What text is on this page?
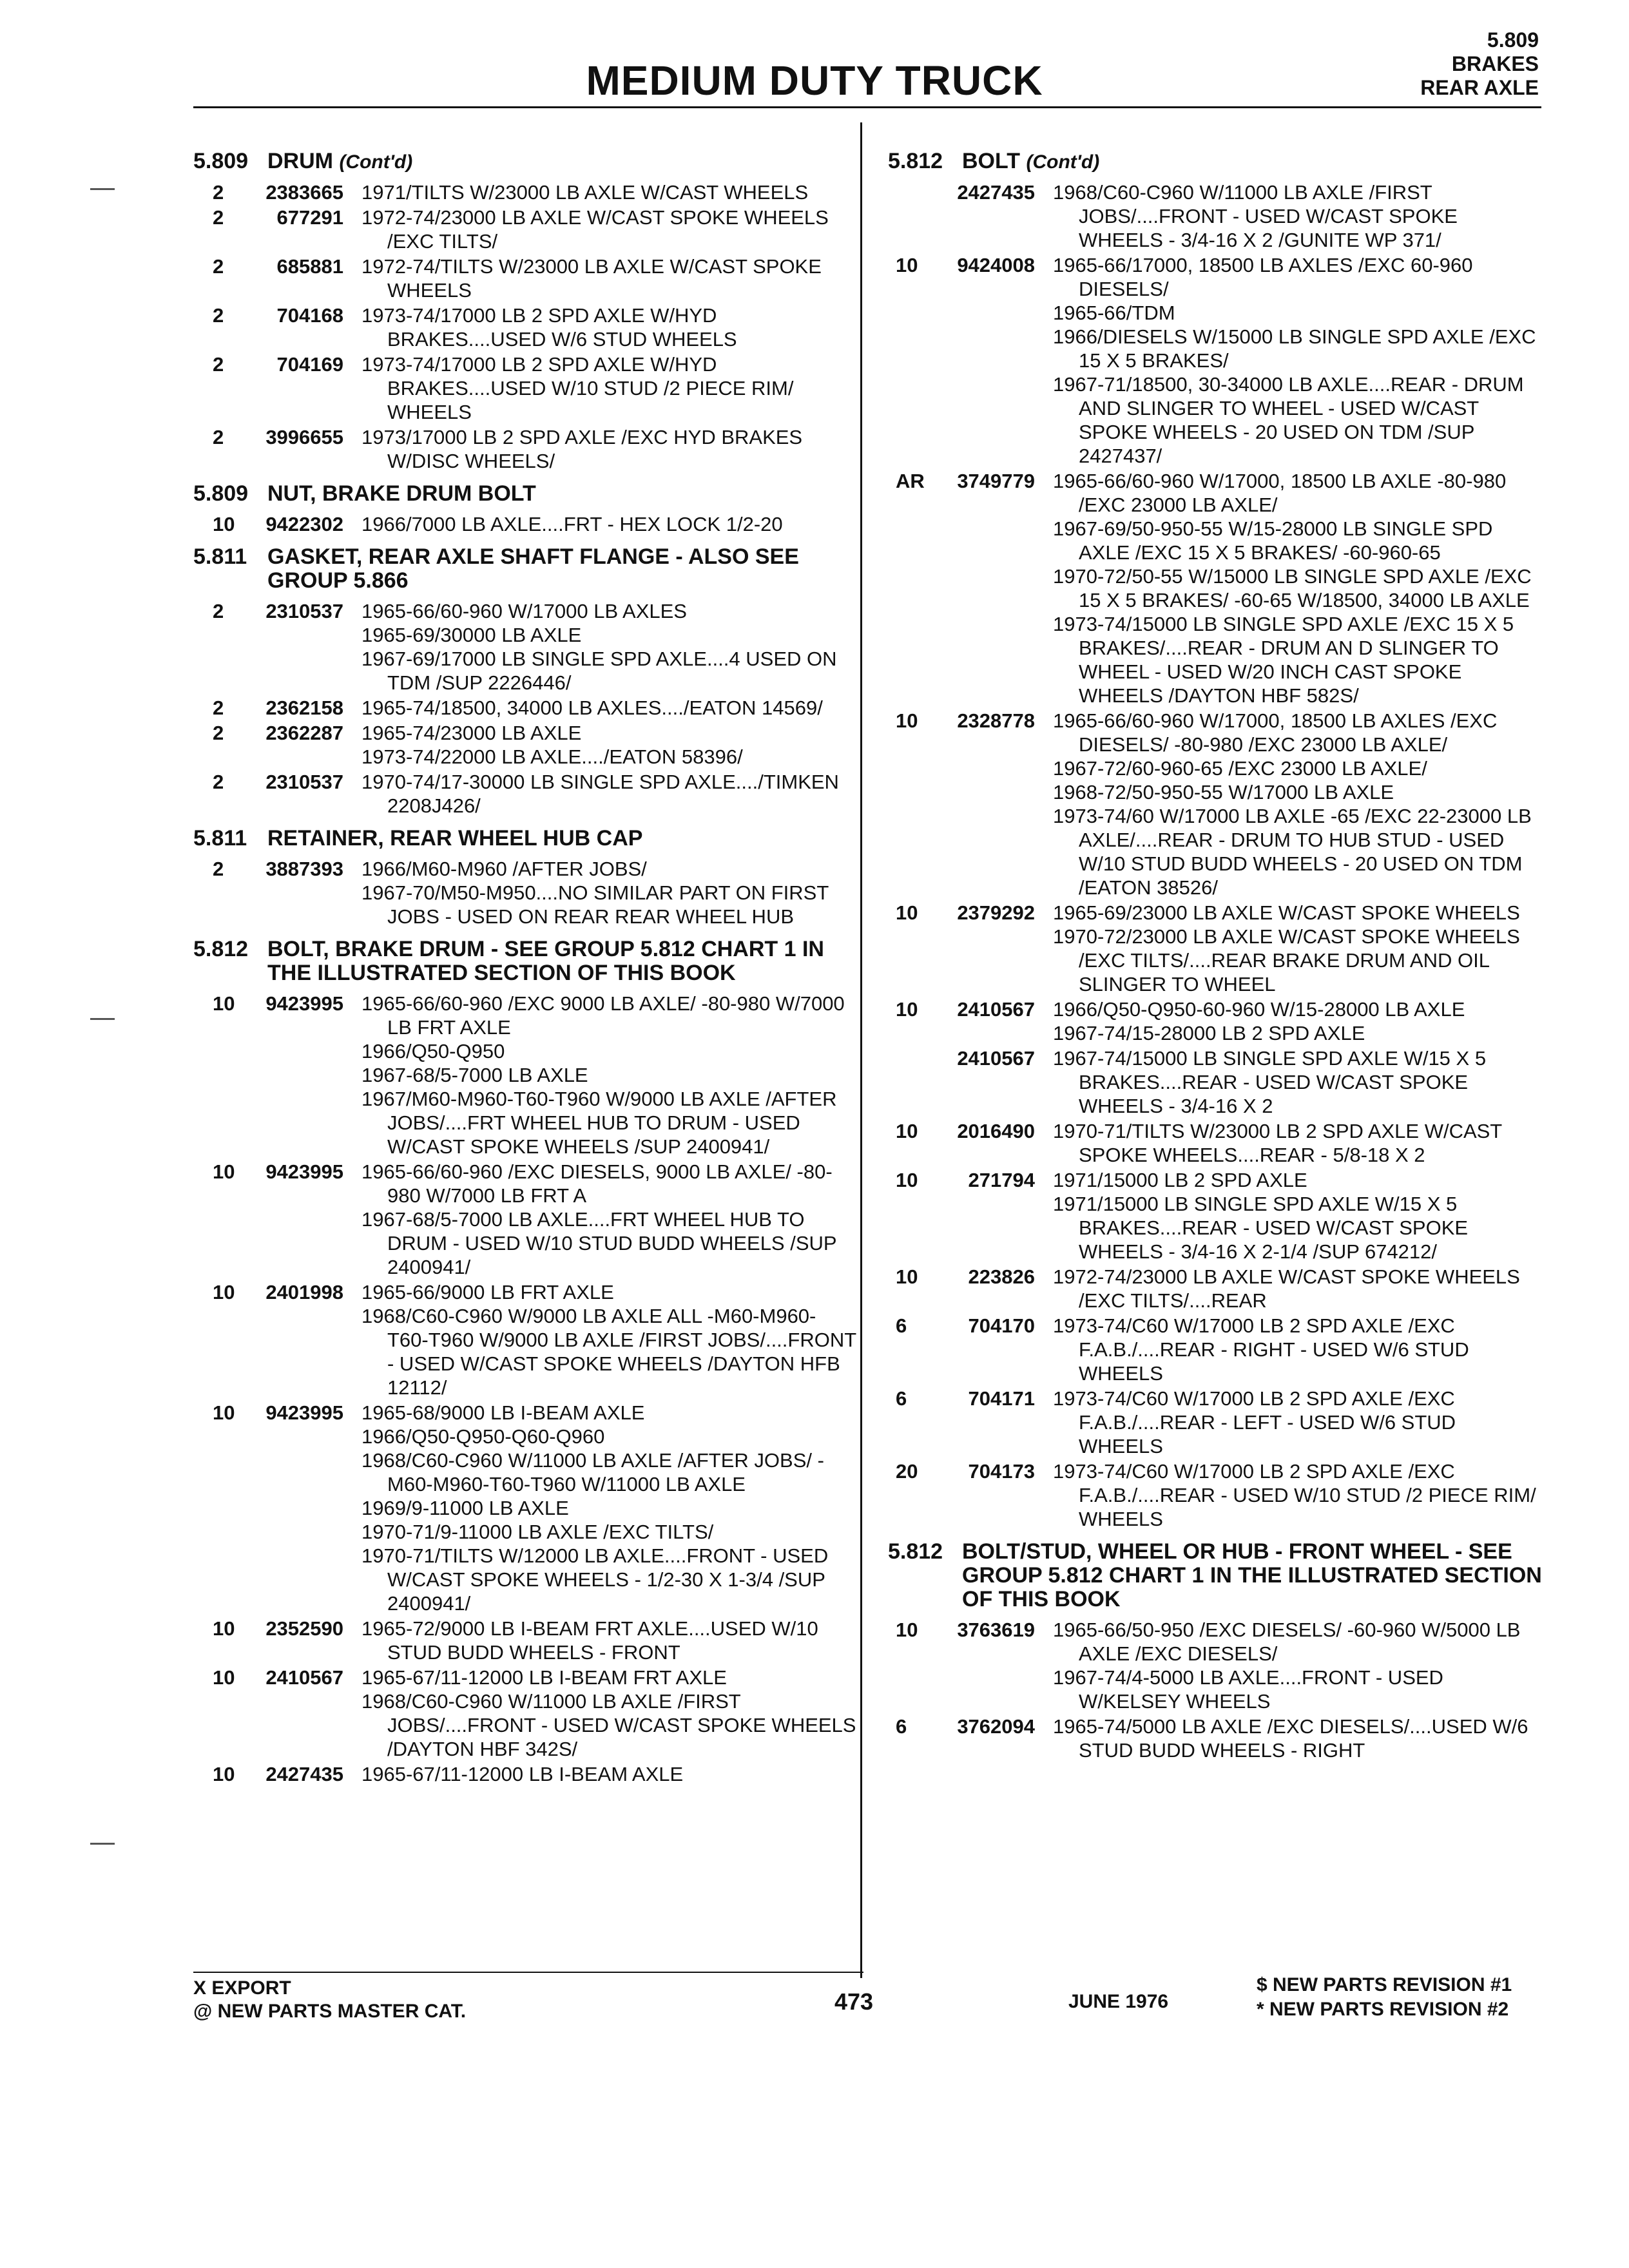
MEDIUM DUTY TRUCK
5.809
BRAKES
REAR AXLE
5.809 DRUM (Cont'd)
2	2383665 1971/TILTS W/23000 LB AXLE W/CAST WHEELS
2	677291 1972-74/23000 LB AXLE W/CAST SPOKE WHEELS /EXC TILTS/
2	685881 1972-74/TILTS W/23000 LB AXLE W/CAST SPOKE WHEELS
2	704168 1973-74/17000 LB 2 SPD AXLE W/HYD BRAKES....USED W/6 STUD WHEELS
2	704169 1973-74/17000 LB 2 SPD AXLE W/HYD BRAKES....USED W/10 STUD /2 PIECE RIM/ WHEELS
2	3996655 1973/17000 LB 2 SPD AXLE /EXC HYD BRAKES W/DISC WHEELS/
5.809 NUT, BRAKE DRUM BOLT
10	9422302 1966/7000 LB AXLE....FRT - HEX LOCK 1/2-20
5.811 GASKET, REAR AXLE SHAFT FLANGE - ALSO SEE GROUP 5.866
2	2310537 1965-66/60-960 W/17000 LB AXLES
1965-69/30000 LB AXLE
1967-69/17000 LB SINGLE SPD AXLE....4 USED ON TDM /SUP 2226446/
2	2362158 1965-74/18500, 34000 LB AXLES..../EATON 14569/
2	2362287 1965-74/23000 LB AXLE
1973-74/22000 LB AXLE..../EATON 58396/
2	2310537 1970-74/17-30000 LB SINGLE SPD AXLE..../TIMKEN 2208J426/
5.811 RETAINER, REAR WHEEL HUB CAP
2	3887393 1966/M60-M960 /AFTER JOBS/
1967-70/M50-M950....NO SIMILAR PART ON FIRST JOBS - USED ON REAR REAR WHEEL HUB
5.812 BOLT, BRAKE DRUM - SEE GROUP 5.812 CHART 1 IN THE ILLUSTRATED SECTION OF THIS BOOK
10	9423995 1965-66/60-960 /EXC 9000 LB AXLE/ -80-980 W/7000 LB FRT AXLE
1966/Q50-Q950
1967-68/5-7000 LB AXLE
1967/M60-M960-T60-T960 W/9000 LB AXLE /AFTER JOBS/....FRT WHEEL HUB TO DRUM - USED W/CAST SPOKE WHEELS /SUP 2400941/
10	9423995 1965-66/60-960 /EXC DIESELS, 9000 LB AXLE/ -80-980 W/7000 LB FRT A
1967-68/5-7000 LB AXLE....FRT WHEEL HUB TO DRUM - USED W/10 STUD BUDD WHEELS /SUP 2400941/
10	2401998 1965-66/9000 LB FRT AXLE
1968/C60-C960 W/9000 LB AXLE ALL -M60-M960-T60-T960 W/9000 LB AXLE /FIRST JOBS/....FRONT - USED W/CAST SPOKE WHEELS /DAYTON HFB 12112/
10	9423995 1965-68/9000 LB I-BEAM AXLE
1966/Q50-Q950-Q60-Q960
1968/C60-C960 W/11000 LB AXLE /AFTER JOBS/ -M60-M960-T60-T960 W/11000 LB AXLE
1969/9-11000 LB AXLE
1970-71/9-11000 LB AXLE /EXC TILTS/
1970-71/TILTS W/12000 LB AXLE....FRONT - USED W/CAST SPOKE WHEELS - 1/2-30 X 1-3/4 /SUP 2400941/
10	2352590 1965-72/9000 LB I-BEAM FRT AXLE....USED W/10 STUD BUDD WHEELS - FRONT
10	2410567 1965-67/11-12000 LB I-BEAM FRT AXLE
1968/C60-C960 W/11000 LB AXLE /FIRST JOBS/....FRONT - USED W/CAST SPOKE WHEELS /DAYTON HBF 342S/
10	2427435 1965-67/11-12000 LB I-BEAM AXLE
5.812 BOLT (Cont'd)
2427435 1968/C60-C960 W/11000 LB AXLE /FIRST JOBS/....FRONT - USED W/CAST SPOKE WHEELS - 3/4-16 X 2 /GUNITE WP 371/
10	9424008 1965-66/17000, 18500 LB AXLES /EXC 60-960 DIESELS/
1965-66/TDM
1966/DIESELS W/15000 LB SINGLE SPD AXLE /EXC 15 X 5 BRAKES/
1967-71/18500, 30-34000 LB AXLE....REAR - DRUM AND SLINGER TO WHEEL - USED W/CAST SPOKE WHEELS - 20 USED ON TDM /SUP 2427437/
AR	3749779 1965-66/60-960 W/17000, 18500 LB AXLE -80-980 /EXC 23000 LB AXLE/
1967-69/50-950-55 W/15-28000 LB SINGLE SPD AXLE /EXC 15 X 5 BRAKES/ -60-960-65
1970-72/50-55 W/15000 LB SINGLE SPD AXLE /EXC 15 X 5 BRAKES/ -60-65 W/18500, 34000 LB AXLE
1973-74/15000 LB SINGLE SPD AXLE /EXC 15 X 5 BRAKES/....REAR - DRUM AN D SLINGER TO WHEEL - USED W/20 INCH CAST SPOKE WHEELS /DAYTON HBF 582S/
10	2328778 1965-66/60-960 W/17000, 18500 LB AXLES /EXC DIESELS/ -80-980 /EXC 23000 LB AXLE/
1967-72/60-960-65 /EXC 23000 LB AXLE/
1968-72/50-950-55 W/17000 LB AXLE
1973-74/60 W/17000 LB AXLE -65 /EXC 22-23000 LB AXLE/....REAR - DRUM TO HUB STUD - USED W/10 STUD BUDD WHEELS - 20 USED ON TDM /EATON 38526/
10	2379292 1965-69/23000 LB AXLE W/CAST SPOKE WHEELS
1970-72/23000 LB AXLE W/CAST SPOKE WHEELS /EXC TILTS/....REAR BRAKE DRUM AND OIL SLINGER TO WHEEL
10	2410567 1966/Q50-Q950-60-960 W/15-28000 LB AXLE
1967-74/15-28000 LB 2 SPD AXLE
2410567 1967-74/15000 LB SINGLE SPD AXLE W/15 X 5 BRAKES....REAR - USED W/CAST SPOKE WHEELS - 3/4-16 X 2
10	2016490 1970-71/TILTS W/23000 LB 2 SPD AXLE W/CAST SPOKE WHEELS....REAR - 5/8-18 X 2
10	271794 1971/15000 LB 2 SPD AXLE
1971/15000 LB SINGLE SPD AXLE W/15 X 5 BRAKES....REAR - USED W/CAST SPOKE WHEELS - 3/4-16 X 2-1/4 /SUP 674212/
10	223826 1972-74/23000 LB AXLE W/CAST SPOKE WHEELS /EXC TILTS/....REAR
6	704170 1973-74/C60 W/17000 LB 2 SPD AXLE /EXC F.A.B./....REAR - RIGHT - USED W/6 STUD WHEELS
6	704171 1973-74/C60 W/17000 LB 2 SPD AXLE /EXC F.A.B./....REAR - LEFT - USED W/6 STUD WHEELS
20	704173 1973-74/C60 W/17000 LB 2 SPD AXLE /EXC F.A.B./....REAR - USED W/10 STUD /2 PIECE RIM/ WHEELS
5.812 BOLT/STUD, WHEEL OR HUB - FRONT WHEEL - SEE GROUP 5.812 CHART 1 IN THE ILLUSTRATED SECTION OF THIS BOOK
10	3763619 1965-66/50-950 /EXC DIESELS/ -60-960 W/5000 LB AXLE /EXC DIESELS/
1967-74/4-5000 LB AXLE....FRONT - USED W/KELSEY WHEELS
6	3762094 1965-74/5000 LB AXLE /EXC DIESELS/....USED W/6 STUD BUDD WHEELS - RIGHT
X EXPORT
@ NEW PARTS MASTER CAT.	473	JUNE 1976
$ NEW PARTS REVISION #1
* NEW PARTS REVISION #2
